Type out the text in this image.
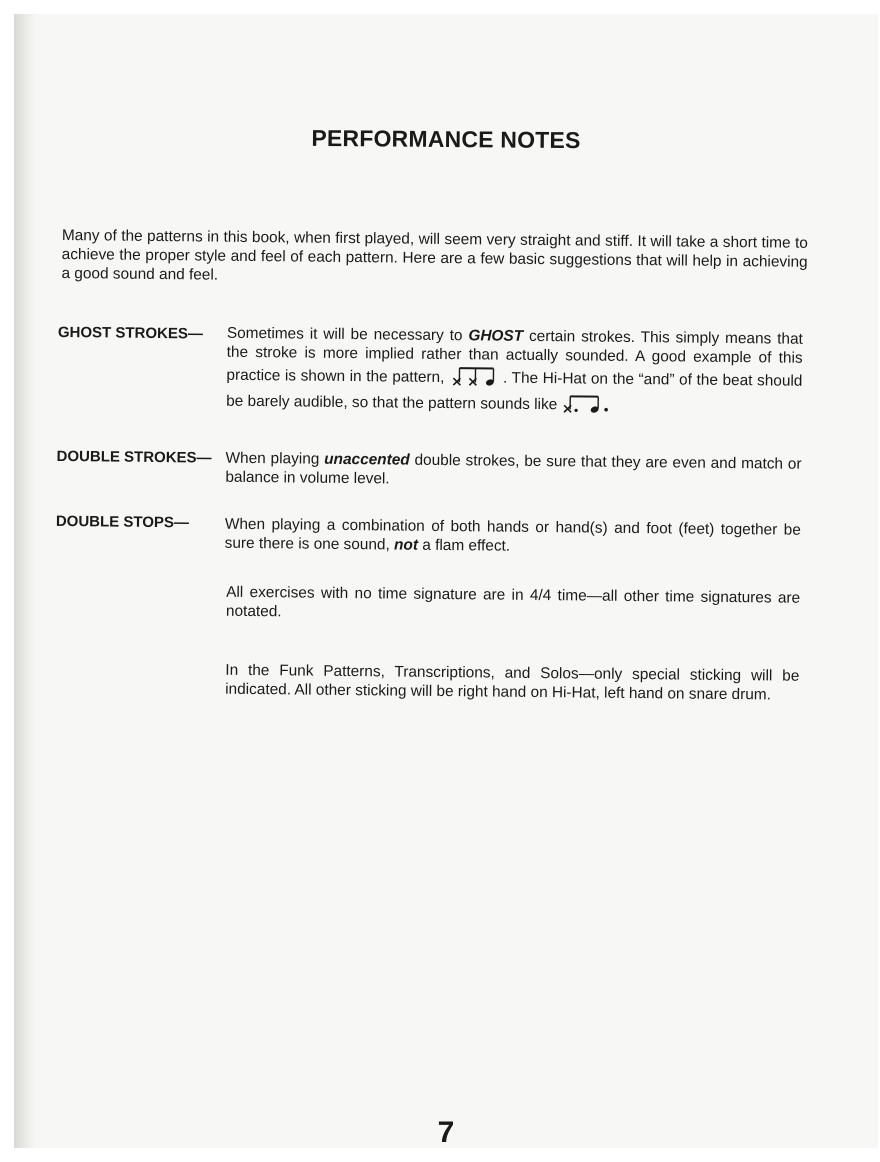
PERFORMANCE NOTES

Many of the patterns in this book, when first played, will seem very straight and stiff. It will take a short time to achieve the proper style and feel of each pattern. Here are a few basic suggestions that will help in achieving a good sound and feel.

GHOST STROKES— Sometimes it will be necessary to GHOST certain strokes. This simply means that the stroke is more implied rather than actually sounded. A good example of this practice is shown in the pattern,	. The Hi-Hat on the “and” of the beat should be barely audible, so that the pattern sounds like
DOUBLE STROKES— When playing unaccented double strokes, be sure that they are even and match or balance in volume level.
DOUBLE STOPS— When playing a combination of both hands or hand(s) and foot (feet) together be sure there is one sound, not a flam effect.

All exercises with no time signature are in 4/4 time—all other time signatures are notated.

In the Funk Patterns, Transcriptions, and Solos—only special sticking will be indicated. All other sticking will be right hand on Hi-Hat, left hand on snare drum.

7
